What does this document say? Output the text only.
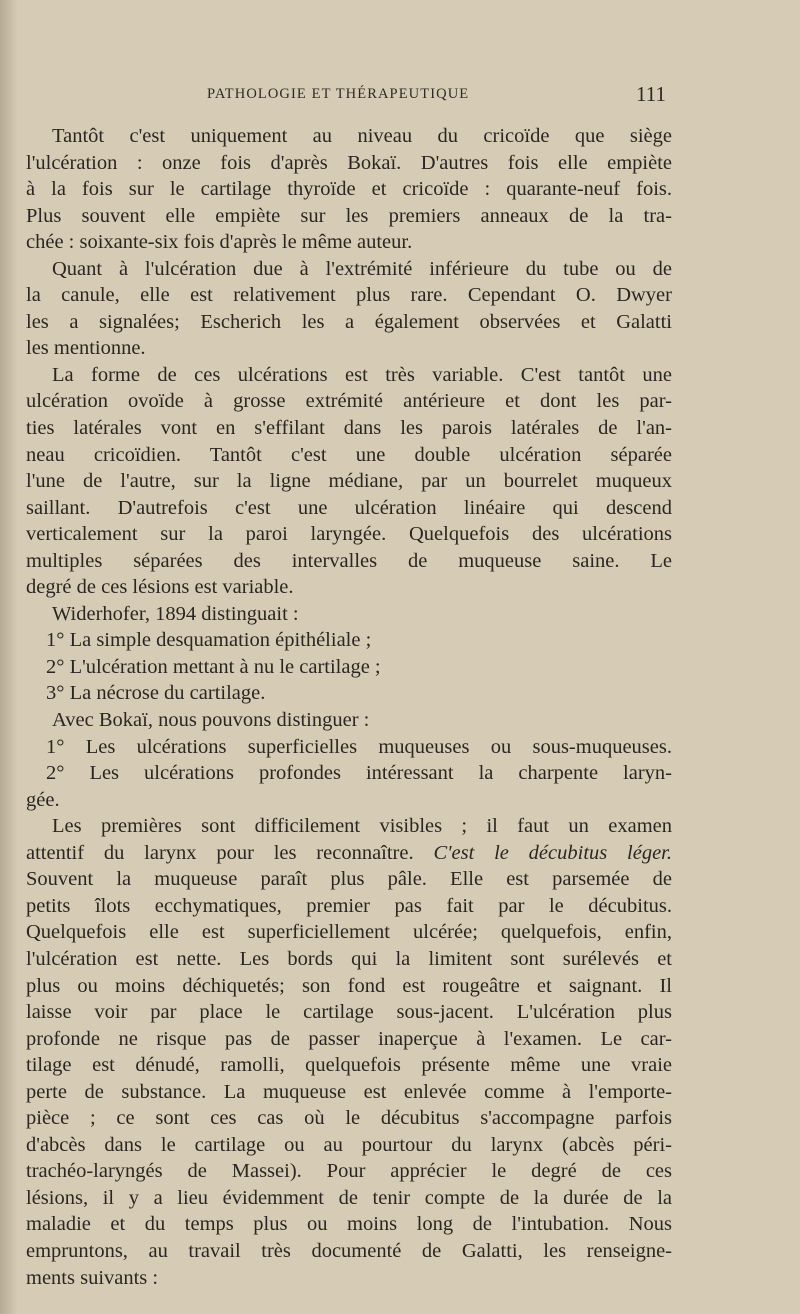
PATHOLOGIE ET THÉRAPEUTIQUE	111
Tantôt c'est uniquement au niveau du cricoïde que siège
l'ulcération : onze fois d'après Bokaï. D'autres fois elle empiète
à la fois sur le cartilage thyroïde et cricoïde : quarante-neuf fois.
Plus souvent elle empiète sur les premiers anneaux de la tra-
chée : soixante-six fois d'après le même auteur.
Quant à l'ulcération due à l'extrémité inférieure du tube ou de
la canule, elle est relativement plus rare. Cependant O. Dwyer
les a signalées; Escherich les a également observées et Galatti
les mentionne.
La forme de ces ulcérations est très variable. C'est tantôt une
ulcération ovoïde à grosse extrémité antérieure et dont les par-
ties latérales vont en s'effilant dans les parois latérales de l'an-
neau cricoïdien. Tantôt c'est une double ulcération séparée
l'une de l'autre, sur la ligne médiane, par un bourrelet muqueux
saillant. D'autrefois c'est une ulcération linéaire qui descend
verticalement sur la paroi laryngée. Quelquefois des ulcérations
multiples séparées des intervalles de muqueuse saine. Le
degré de ces lésions est variable.
Widerhofer, 1894 distinguait :
1° La simple desquamation épithéliale ;
2° L'ulcération mettant à nu le cartilage ;
3° La nécrose du cartilage.
Avec Bokaï, nous pouvons distinguer :
1° Les ulcérations superficielles muqueuses ou sous-muqueuses.
2° Les ulcérations profondes intéressant la charpente laryn-
gée.
Les premières sont difficilement visibles ; il faut un examen
attentif du larynx pour les reconnaître. C'est le décubitus léger.
Souvent la muqueuse paraît plus pâle. Elle est parsemée de
petits îlots ecchymatiques, premier pas fait par le décubitus.
Quelquefois elle est superficiellement ulcérée; quelquefois, enfin,
l'ulcération est nette. Les bords qui la limitent sont surélevés et
plus ou moins déchiquetés; son fond est rougeâtre et saignant. Il
laisse voir par place le cartilage sous-jacent. L'ulcération plus
profonde ne risque pas de passer inaperçue à l'examen. Le car-
tilage est dénudé, ramolli, quelquefois présente même une vraie
perte de substance. La muqueuse est enlevée comme à l'emporte-
pièce ; ce sont ces cas où le décubitus s'accompagne parfois
d'abcès dans le cartilage ou au pourtour du larynx (abcès péri-
trachéo-laryngés de Massei). Pour apprécier le degré de ces
lésions, il y a lieu évidemment de tenir compte de la durée de la
maladie et du temps plus ou moins long de l'intubation. Nous
empruntons, au travail très documenté de Galatti, les renseigne-
ments suivants :
